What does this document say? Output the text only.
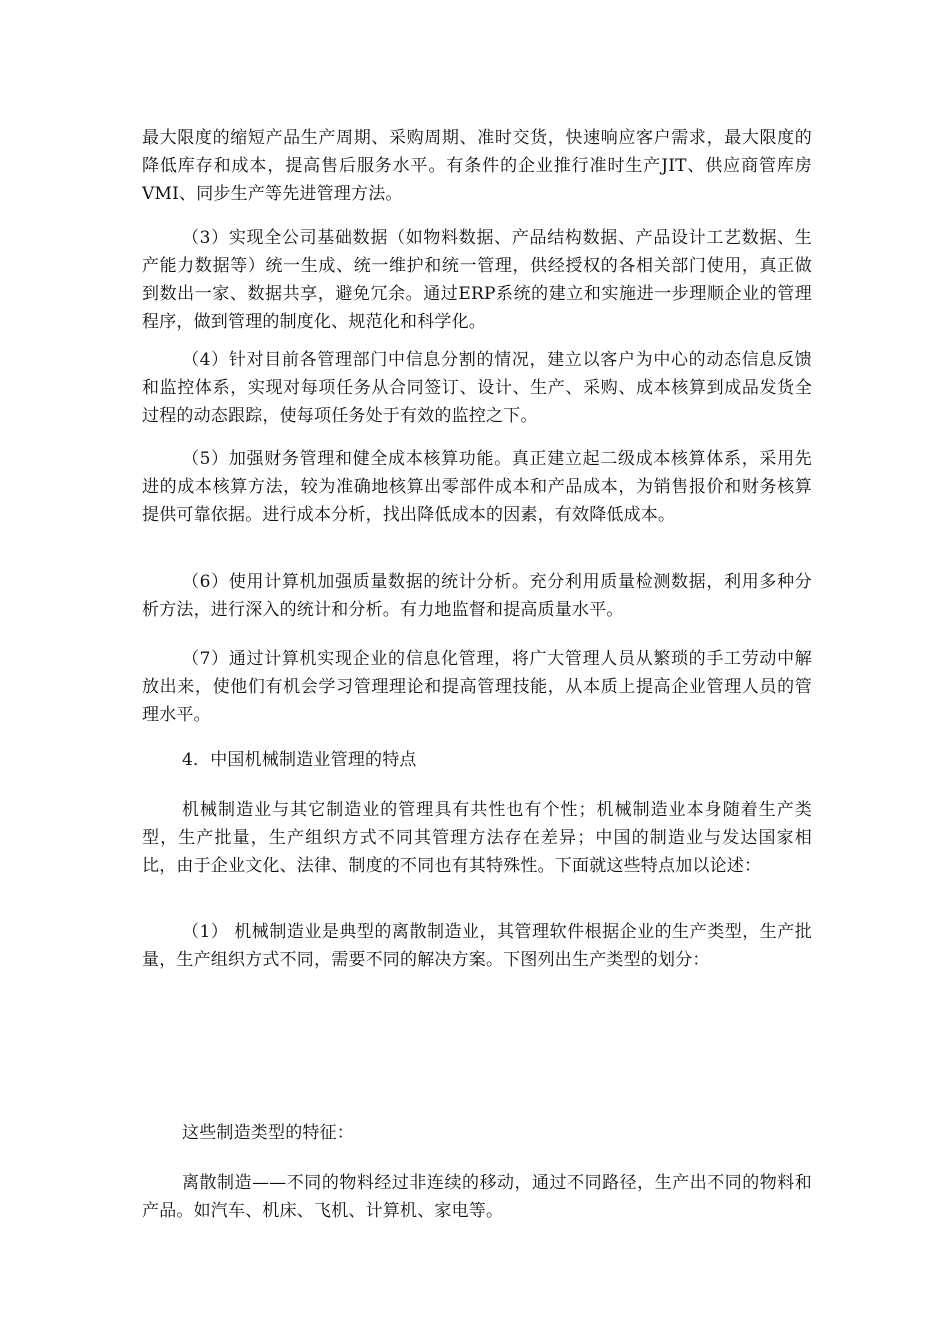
最大限度的缩短产品生产周期、采购周期、准时交货，快速响应客户需求，最大限度的降低库存和成本，提高售后服务水平。有条件的企业推行准时生产JIT、供应商管库房VMI、同步生产等先进管理方法。

（3）实现全公司基础数据（如物料数据、产品结构数据、产品设计工艺数据、生产能力数据等）统一生成、统一维护和统一管理，供经授权的各相关部门使用，真正做到数出一家、数据共享，避免冗余。通过ERP系统的建立和实施进一步理顺企业的管理程序，做到管理的制度化、规范化和科学化。

（4）针对目前各管理部门中信息分割的情况，建立以客户为中心的动态信息反馈和监控体系，实现对每项任务从合同签订、设计、生产、采购、成本核算到成品发货全过程的动态跟踪，使每项任务处于有效的监控之下。

（5）加强财务管理和健全成本核算功能。真正建立起二级成本核算体系，采用先进的成本核算方法，较为准确地核算出零部件成本和产品成本，为销售报价和财务核算提供可靠依据。进行成本分析，找出降低成本的因素，有效降低成本。

（6）使用计算机加强质量数据的统计分析。充分利用质量检测数据，利用多种分析方法，进行深入的统计和分析。有力地监督和提高质量水平。

（7）通过计算机实现企业的信息化管理，将广大管理人员从繁琐的手工劳动中解放出来，使他们有机会学习管理理论和提高管理技能，从本质上提高企业管理人员的管理水平。

4．中国机械制造业管理的特点

机械制造业与其它制造业的管理具有共性也有个性；机械制造业本身随着生产类型，生产批量，生产组织方式不同其管理方法存在差异；中国的制造业与发达国家相比，由于企业文化、法律、制度的不同也有其特殊性。下面就这些特点加以论述：

（1） 机械制造业是典型的离散制造业，其管理软件根据企业的生产类型，生产批量，生产组织方式不同，需要不同的解决方案。下图列出生产类型的划分：

这些制造类型的特征：

离散制造——不同的物料经过非连续的移动，通过不同路径，生产出不同的物料和产品。如汽车、机床、飞机、计算机、家电等。
